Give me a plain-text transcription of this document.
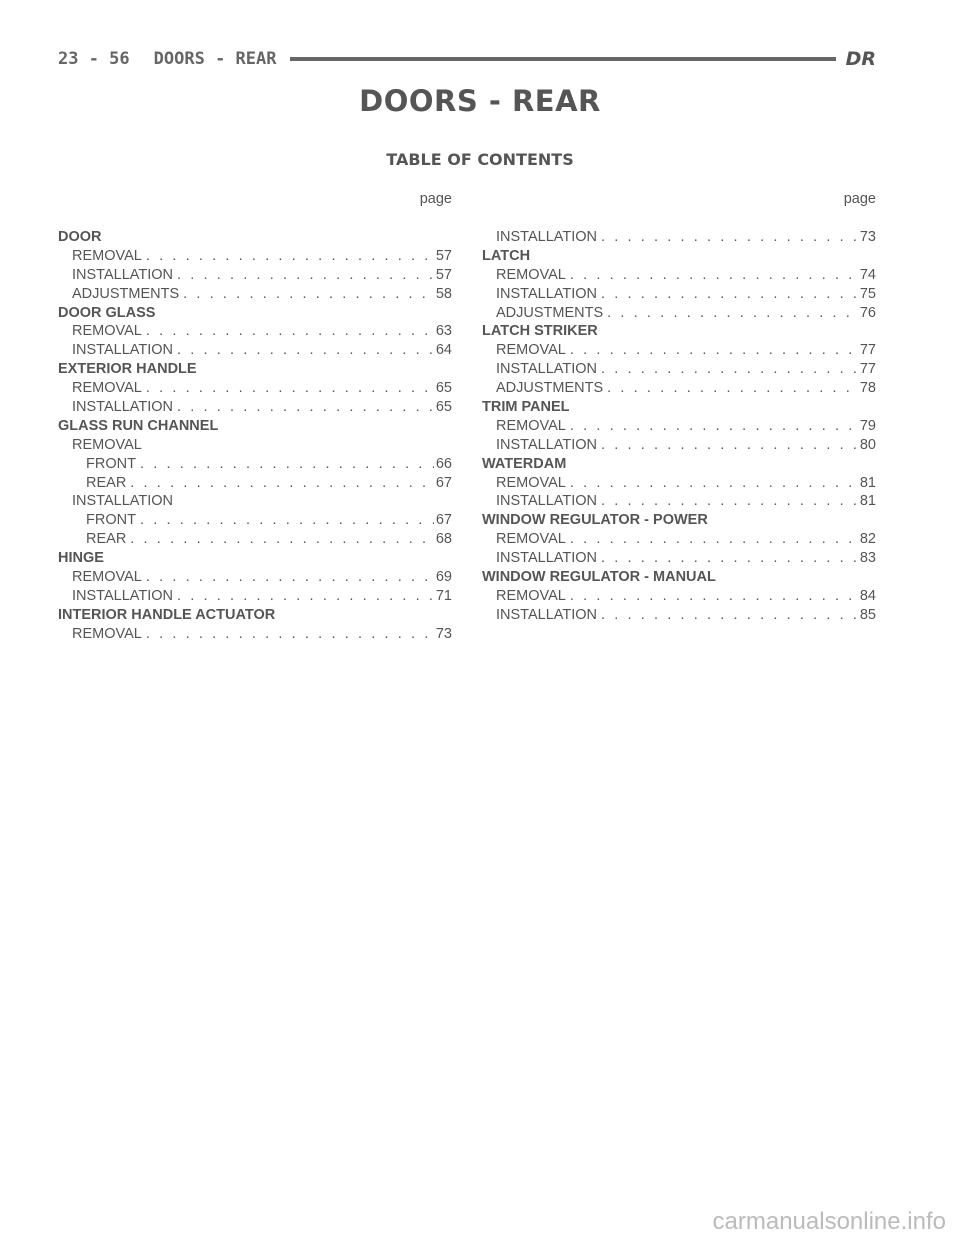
23 - 56 DOORS - REAR	DR
DOORS - REAR
TABLE OF CONTENTS
page
DOOR
REMOVAL . . .	57
INSTALLATION . . .	57
ADJUSTMENTS . . .	58
DOOR GLASS
REMOVAL . . .	63
INSTALLATION . . .	64
EXTERIOR HANDLE
REMOVAL . . .	65
INSTALLATION . . .	65
GLASS RUN CHANNEL
REMOVAL
FRONT . . .	66
REAR . . .	67
INSTALLATION
FRONT . . .	67
REAR . . .	68
HINGE
REMOVAL . . .	69
INSTALLATION . . .	71
INTERIOR HANDLE ACTUATOR
REMOVAL . . .	73
page
INSTALLATION . . .	73
LATCH
REMOVAL . . .	74
INSTALLATION . . .	75
ADJUSTMENTS . . .	76
LATCH STRIKER
REMOVAL . . .	77
INSTALLATION . . .	77
ADJUSTMENTS . . .	78
TRIM PANEL
REMOVAL . . .	79
INSTALLATION . . .	80
WATERDAM
REMOVAL . . .	81
INSTALLATION . . .	81
WINDOW REGULATOR - POWER
REMOVAL . . .	82
INSTALLATION . . .	83
WINDOW REGULATOR - MANUAL
REMOVAL . . .	84
INSTALLATION . . .	85
carmanualsonline.info
